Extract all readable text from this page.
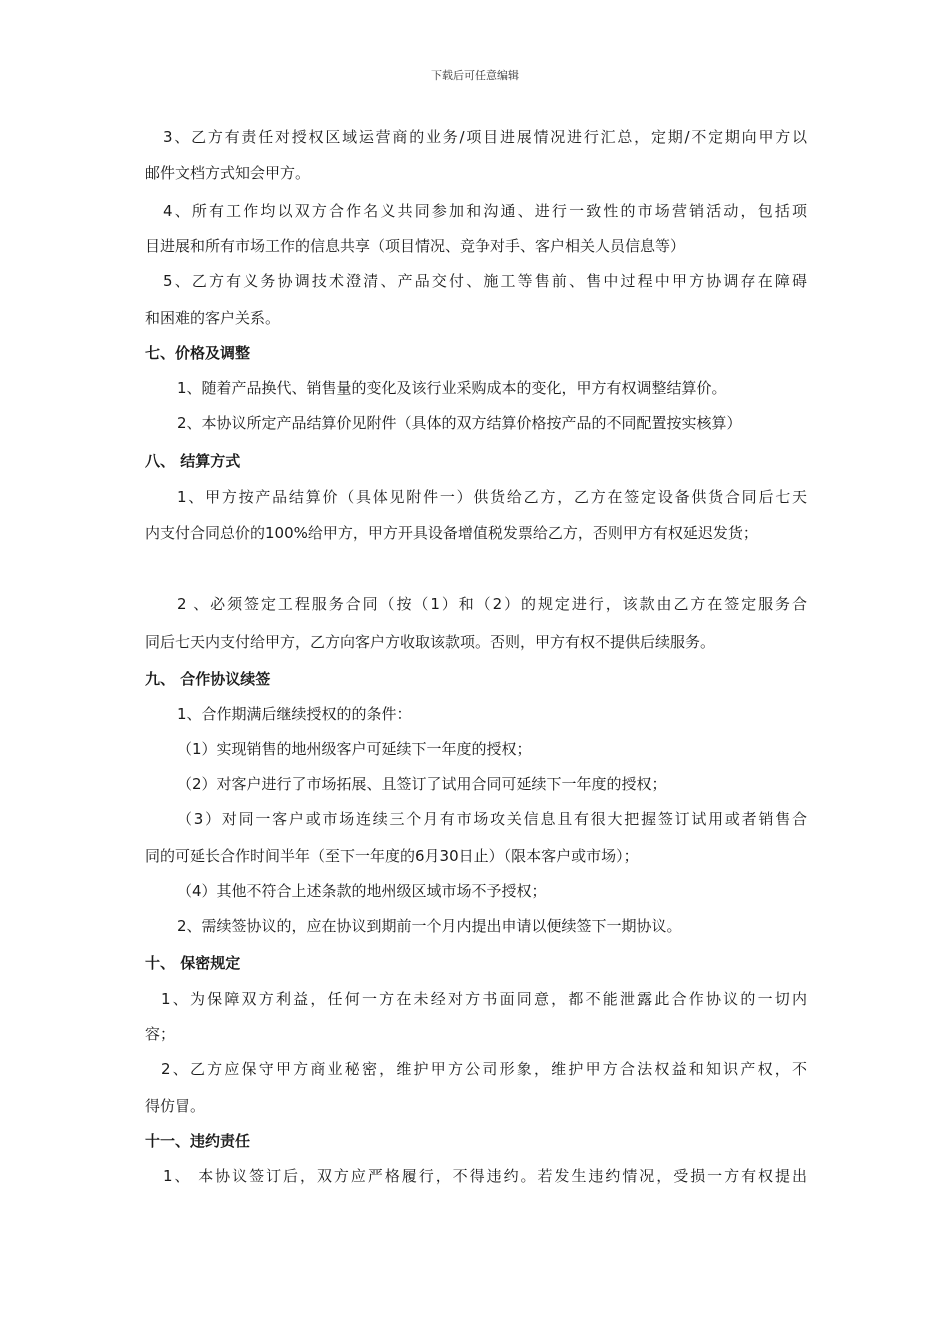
下载后可任意编辑
3、乙方有责任对授权区域运营商的业务/项目进展情况进行汇总，定期/不定期向甲方以
邮件文档方式知会甲方。
4、所有工作均以双方合作名义共同参加和沟通、进行一致性的市场营销活动，包括项
目进展和所有市场工作的信息共享（项目情况、竞争对手、客户相关人员信息等）
5、乙方有义务协调技术澄清、产品交付、施工等售前、售中过程中甲方协调存在障碍
和困难的客户关系。
七、价格及调整
1、随着产品换代、销售量的变化及该行业采购成本的变化，甲方有权调整结算价。
2、本协议所定产品结算价见附件（具体的双方结算价格按产品的不同配置按实核算）
八、 结算方式
1、甲方按产品结算价（具体见附件一）供货给乙方，乙方在签定设备供货合同后七天
内支付合同总价的100%给甲方，甲方开具设备增值税发票给乙方，否则甲方有权延迟发货；
2 、必须签定工程服务合同（按（1）和（2）的规定进行，该款由乙方在签定服务合
同后七天内支付给甲方，乙方向客户方收取该款项。否则，甲方有权不提供后续服务。
九、 合作协议续签
1、合作期满后继续授权的的条件：
（1）实现销售的地州级客户可延续下一年度的授权；
（2）对客户进行了市场拓展、且签订了试用合同可延续下一年度的授权；
（3）对同一客户或市场连续三个月有市场攻关信息且有很大把握签订试用或者销售合
同的可延长合作时间半年（至下一年度的6月30日止）（限本客户或市场）；
（4）其他不符合上述条款的地州级区域市场不予授权；
2、需续签协议的，应在协议到期前一个月内提出申请以便续签下一期协议。
十、 保密规定
1、为保障双方利益，任何一方在未经对方书面同意，都不能泄露此合作协议的一切内
容；
2、乙方应保守甲方商业秘密，维护甲方公司形象，维护甲方合法权益和知识产权，不
得仿冒。
十一、违约责任
1、 本协议签订后，双方应严格履行，不得违约。若发生违约情况，受损一方有权提出
